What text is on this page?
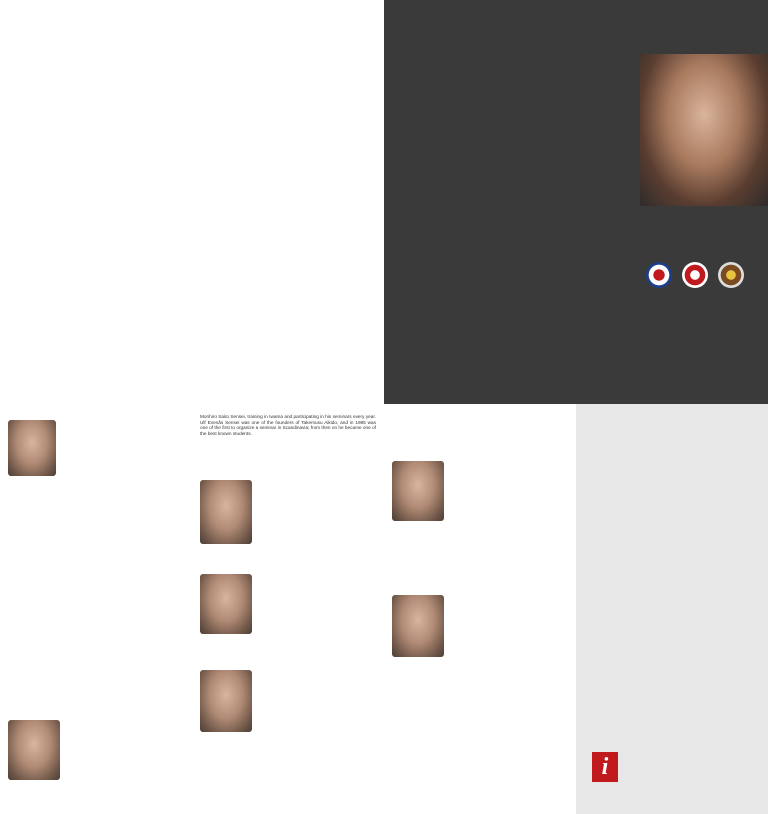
Morihiro Saito Sensei, training in Iwama and participating in his seminars every year. Ulf Evenås Sensei was one of the founders of Takemusu Aikido, and in 1985 was one of the first to organize a seminar in Scandinavia; from then on he became one of the best known students.
i
